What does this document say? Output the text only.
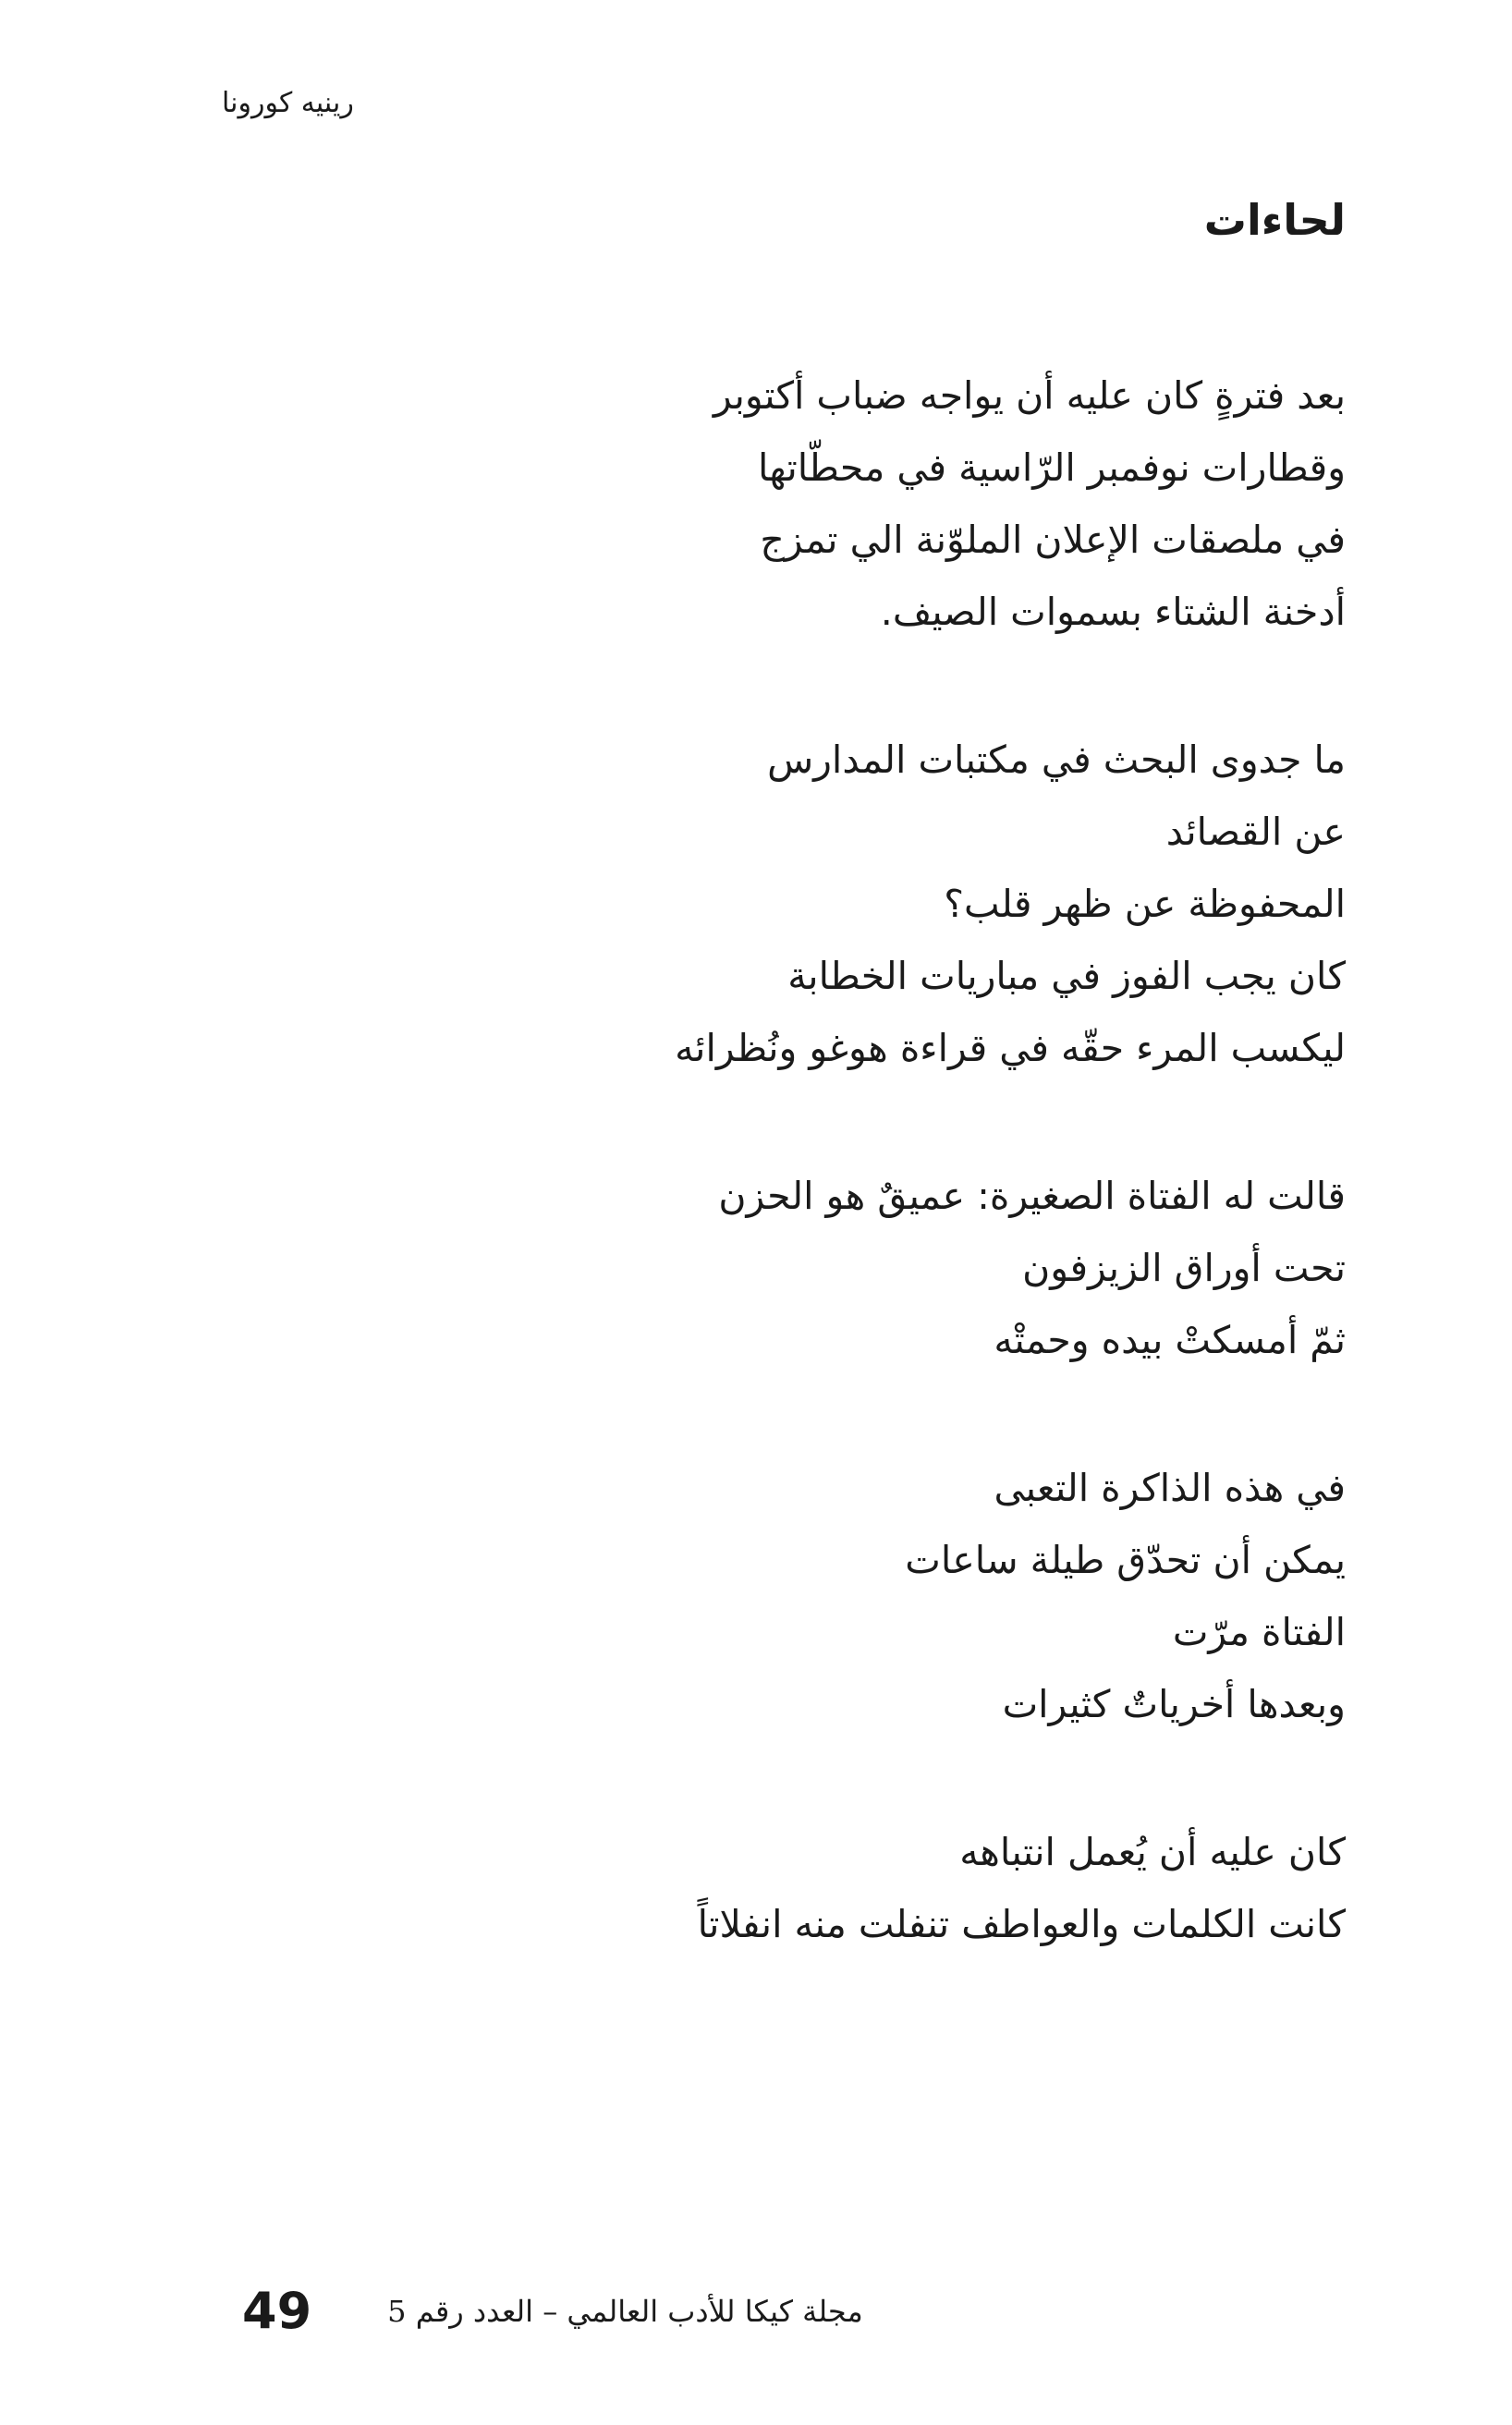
رينيه كورونا
لحاءات

بعد فترةٍ كان عليه أن يواجه ضباب أكتوبر

وقطارات نوفمبر الرّاسية في محطّاتها

في ملصقات الإعلان الملوّنة الي تمزج

أدخنة الشتاء بسموات الصيف.

ما جدوى البحث في مكتبات المدارس

عن القصائد

المحفوظة عن ظهر قلب؟

كان يجب الفوز في مباريات الخطابة

ليكسب المرء حقّه في قراءة هوغو ونُظرائه

قالت له الفتاة الصغيرة: عميقٌ هو الحزن

تحت أوراق الزيزفون

ثمّ أمسكتْ بيده وحمتْه

في هذه الذاكرة التعبى

يمكن أن تحدّق طيلة ساعات

الفتاة مرّت

وبعدها أخرياتٌ كثيرات

كان عليه أن يُعمل انتباهه

كانت الكلمات والعواطف تنفلت منه انفلاتاً

49	مجلة كيكا للأدب العالمي – العدد رقم 5
